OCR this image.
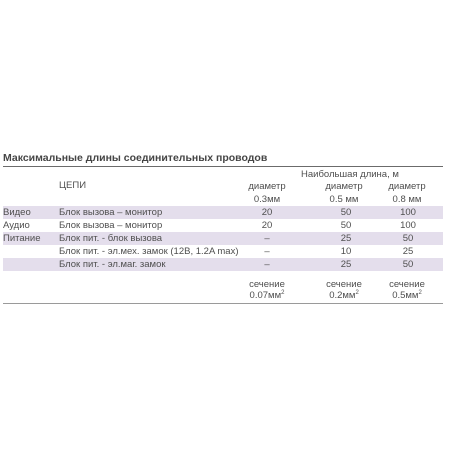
Максимальные длины соединительных проводов
Наибольшая длина, м
ЦЕПИ	диаметр	диаметр	диаметр
0.3мм	0.5 мм	0.8 мм
Видео	Блок вызова – монитор	20	50	100
Аудио	Блок вызова – монитор	20	50	100
Питание Блок пит. - блок вызова	–	25	50
Блок пит. - эл.мех. замок (12В, 1.2A max)	–	10	25
Блок пит. - эл.маг. замок	–	25	50
сечение	сечение	сечение
$0.07мм^2$	$0.2мм^2$	$0.5мм^2$
